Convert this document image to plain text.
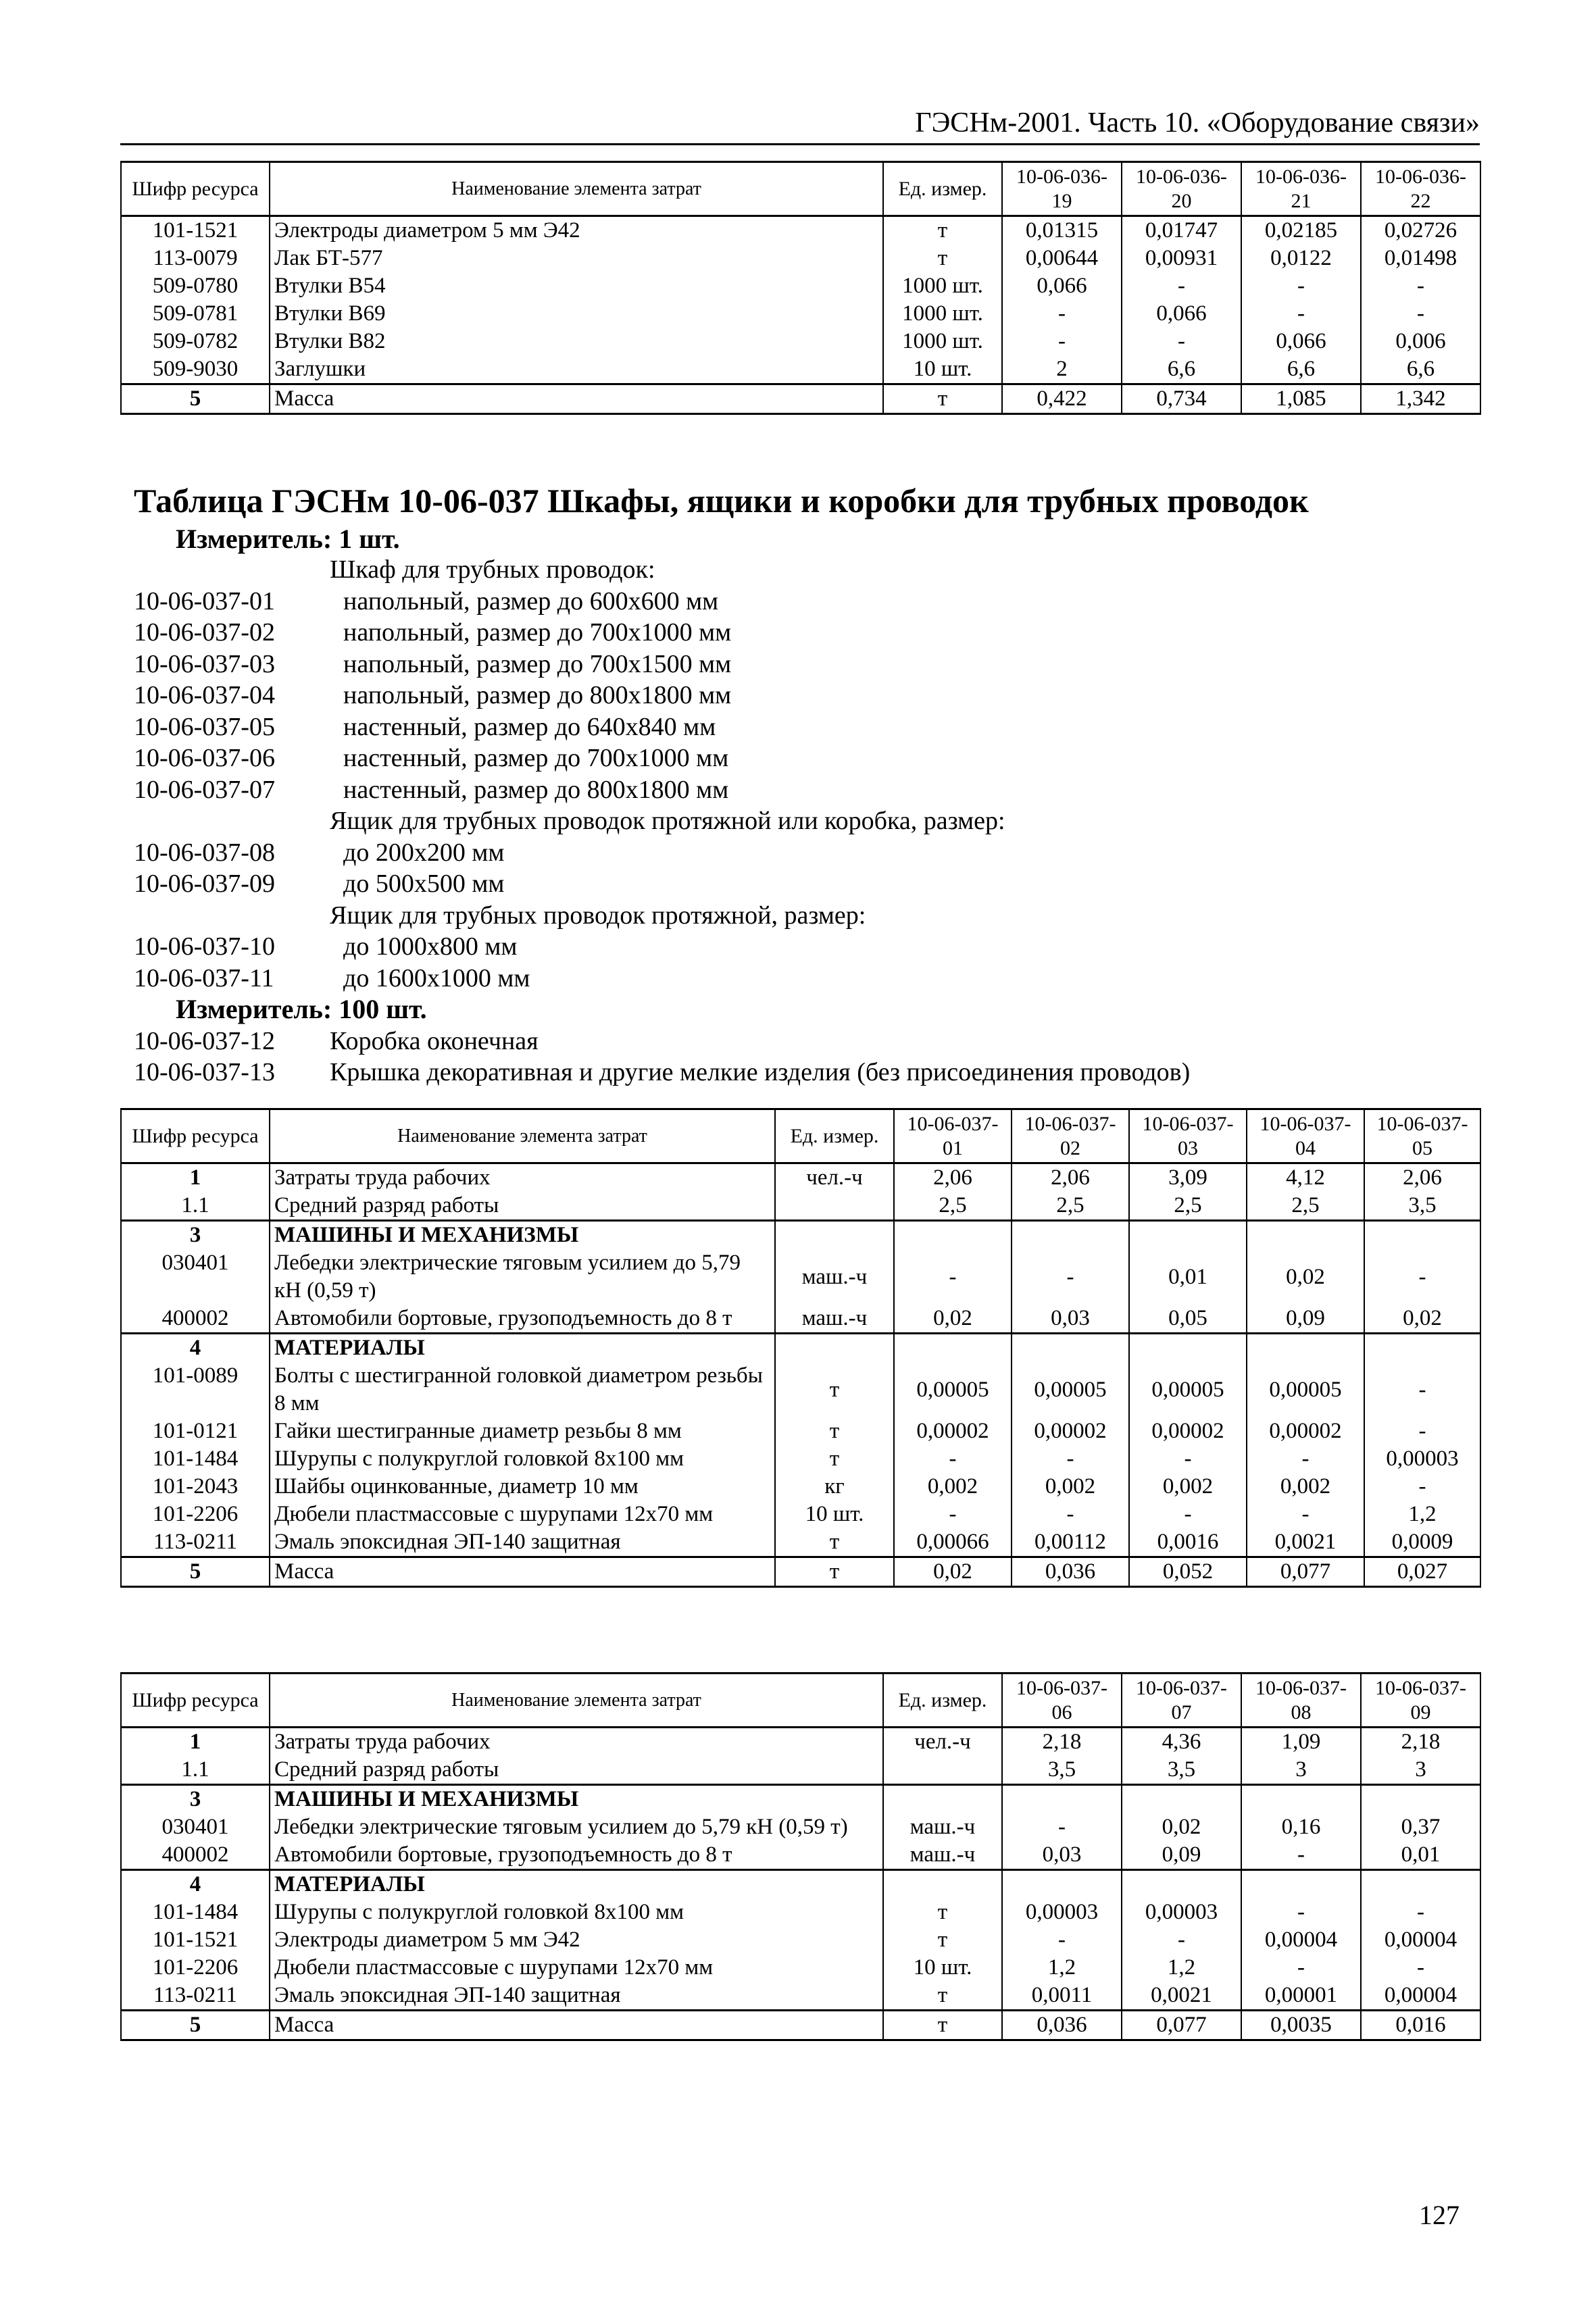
ГЭСНм-2001. Часть 10. «Оборудование связи»
Шифр ресурса	Наименование элемента затрат	Ед. измер.	10-06-036-19	10-06-036-20	10-06-036-21	10-06-036-22
101-1521	Электроды диаметром 5 мм Э42	т	0,01315	0,01747	0,02185	0,02726
113-0079	Лак БТ-577	т	0,00644	0,00931	0,0122	0,01498
509-0780	Втулки В54	1000 шт.	0,066	-	-	-
509-0781	Втулки В69	1000 шт.	-	0,066	-	-
509-0782	Втулки В82	1000 шт.	-	-	0,066	0,006
509-9030	Заглушки	10 шт.	2	6,6	6,6	6,6
5	Масса	т	0,422	0,734	1,085	1,342
Таблица ГЭСНм 10-06-037 Шкафы, ящики и коробки для трубных проводок
Измеритель: 1 шт.
Шкаф для трубных проводок:
10-06-037-01	напольный, размер до 600х600 мм
10-06-037-02	напольный, размер до 700х1000 мм
10-06-037-03	напольный, размер до 700х1500 мм
10-06-037-04	напольный, размер до 800х1800 мм
10-06-037-05	настенный, размер до 640х840 мм
10-06-037-06	настенный, размер до 700х1000 мм
10-06-037-07	настенный, размер до 800х1800 мм
Ящик для трубных проводок протяжной или коробка, размер:
10-06-037-08	до 200х200 мм
10-06-037-09	до 500х500 мм
Ящик для трубных проводок протяжной, размер:
10-06-037-10	до 1000х800 мм
10-06-037-11	до 1600х1000 мм
Измеритель: 100 шт.
10-06-037-12 Коробка оконечная
10-06-037-13 Крышка декоративная и другие мелкие изделия (без присоединения проводов)
Шифр ресурса	Наименование элемента затрат	Ед. измер.	10-06-037-01	10-06-037-02	10-06-037-03	10-06-037-04	10-06-037-05
1	Затраты труда рабочих	чел.-ч	2,06	2,06	3,09	4,12	2,06
1.1	Средний разряд работы		2,5	2,5	2,5	2,5	3,5
3	МАШИНЫ И МЕХАНИЗМЫ						
030401	Лебедки электрические тяговым усилием до 5,79 кН (0,59 т)	маш.-ч	-	-	0,01	0,02	-
400002	Автомобили бортовые, грузоподъемность до 8 т	маш.-ч	0,02	0,03	0,05	0,09	0,02
4	МАТЕРИАЛЫ						
101-0089	Болты с шестигранной головкой диаметром резьбы 8 мм	т	0,00005	0,00005	0,00005	0,00005	-
101-0121	Гайки шестигранные диаметр резьбы 8 мм	т	0,00002	0,00002	0,00002	0,00002	-
101-1484	Шурупы с полукруглой головкой 8х100 мм	т	-	-	-	-	0,00003
101-2043	Шайбы оцинкованные, диаметр 10 мм	кг	0,002	0,002	0,002	0,002	-
101-2206	Дюбели пластмассовые с шурупами 12х70 мм	10 шт.	-	-	-	-	1,2
113-0211	Эмаль эпоксидная ЭП-140 защитная	т	0,00066	0,00112	0,0016	0,0021	0,0009
5	Масса	т	0,02	0,036	0,052	0,077	0,027
Шифр ресурса	Наименование элемента затрат	Ед. измер.	10-06-037-06	10-06-037-07	10-06-037-08	10-06-037-09
1	Затраты труда рабочих	чел.-ч	2,18	4,36	1,09	2,18
1.1	Средний разряд работы		3,5	3,5	3	3
3	МАШИНЫ И МЕХАНИЗМЫ					
030401	Лебедки электрические тяговым усилием до 5,79 кН (0,59 т)	маш.-ч	-	0,02	0,16	0,37
400002	Автомобили бортовые, грузоподъемность до 8 т	маш.-ч	0,03	0,09	-	0,01
4	МАТЕРИАЛЫ					
101-1484	Шурупы с полукруглой головкой 8х100 мм	т	0,00003	0,00003	-	-
101-1521	Электроды диаметром 5 мм Э42	т	-	-	0,00004	0,00004
101-2206	Дюбели пластмассовые с шурупами 12х70 мм	10 шт.	1,2	1,2	-	-
113-0211	Эмаль эпоксидная ЭП-140 защитная	т	0,0011	0,0021	0,00001	0,00004
5	Масса	т	0,036	0,077	0,0035	0,016
127
